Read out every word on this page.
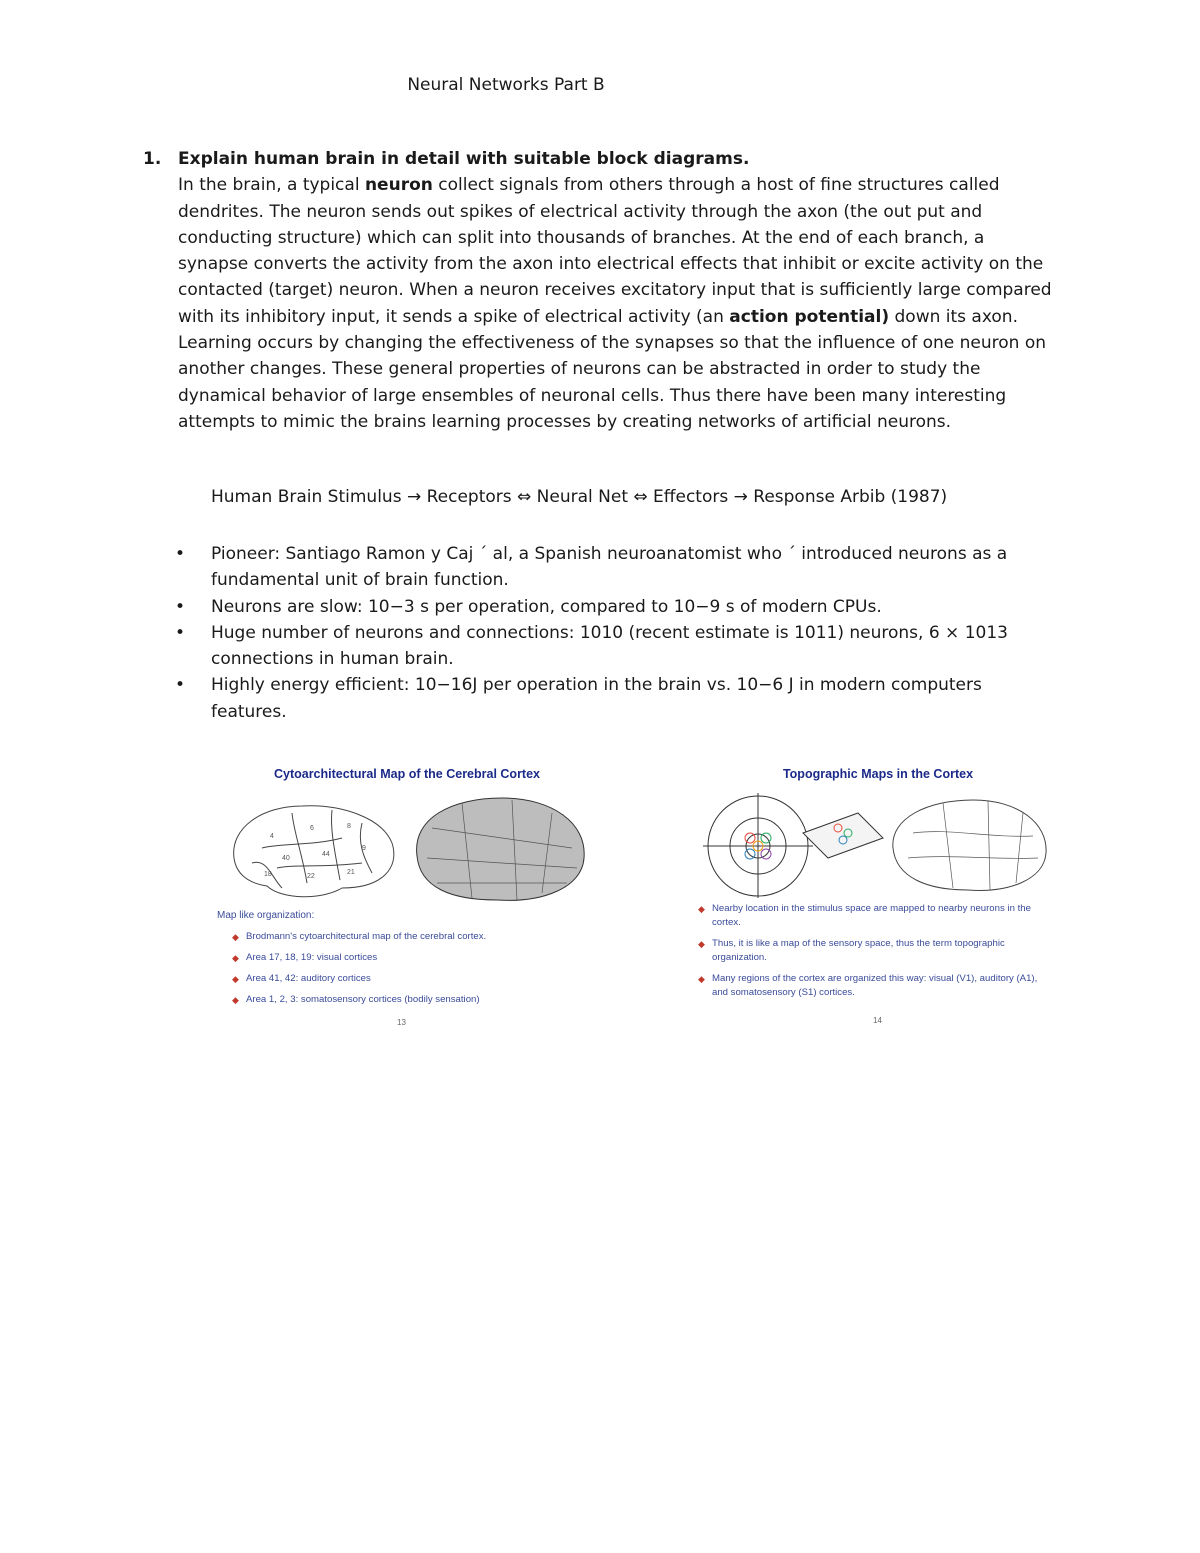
Neural Networks Part B
1. Explain human brain in detail with suitable block diagrams.
In the brain, a typical neuron collect signals from others through a host of fine structures called dendrites. The neuron sends out spikes of electrical activity through the axon (the out put and conducting structure) which can split into thousands of branches. At the end of each branch, a synapse converts the activity from the axon into electrical effects that inhibit or excite activity on the contacted (target) neuron. When a neuron receives excitatory input that is sufficiently large compared with its inhibitory input, it sends a spike of electrical activity (an action potential) down its axon. Learning occurs by changing the effectiveness of the synapses so that the influence of one neuron on another changes. These general properties of neurons can be abstracted in order to study the dynamical behavior of large ensembles of neuronal cells. Thus there have been many interesting attempts to mimic the brains learning processes by creating networks of artificial neurons.
Human Brain Stimulus → Receptors ⇔ Neural Net ⇔ Effectors → Response Arbib (1987)
• Pioneer: Santiago Ramon y Caj ´ al, a Spanish neuroanatomist who ´ introduced neurons as a fundamental unit of brain function.
• Neurons are slow: 10−3 s per operation, compared to 10−9 s of modern CPUs.
• Huge number of neurons and connections: 1010 (recent estimate is 1011) neurons, 6 × 1013 connections in human brain.
• Highly energy efficient: 10−16J per operation in the brain vs. 10−6 J in modern computers features.
Cytoarchitectural Map of the Cerebral Cortex
4
6	8
40
44
9
18	22
21
Map like organization:
◆ Brodmann's cytoarchitectural map of the cerebral cortex.
◆ Area 17, 18, 19: visual cortices
◆ Area 41, 42: auditory cortices
◆ Area 1, 2, 3: somatosensory cortices (bodily sensation)
13
Topographic Maps in the Cortex
◆ Nearby location in the stimulus space are mapped to nearby neurons in the cortex.
◆ Thus, it is like a map of the sensory space, thus the term topographic organization.
◆ Many regions of the cortex are organized this way: visual (V1), auditory (A1), and somatosensory (S1) cortices.
14
